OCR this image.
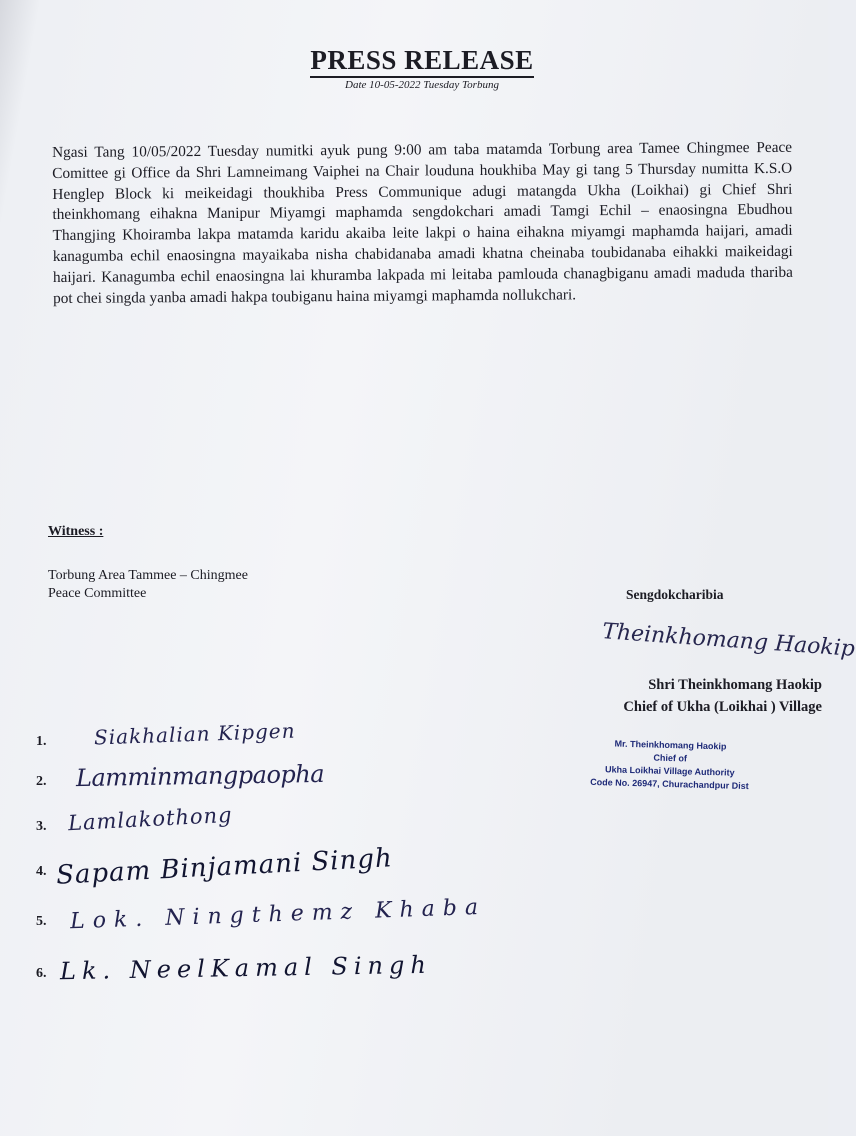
PRESS RELEASE
Date 10-05-2022 Tuesday Torbung
Ngasi Tang 10/05/2022 Tuesday numitki ayuk pung 9:00 am taba matamda Torbung area Tamee Chingmee Peace Comittee gi Office da Shri Lamneimang Vaiphei na Chair louduna houkhiba May gi tang 5 Thursday numitta K.S.O Henglep Block ki meikeidagi thoukhiba Press Communique adugi matangda Ukha (Loikhai) gi Chief Shri theinkhomang eihakna Manipur Miyamgi maphamda sengdokchari amadi Tamgi Echil – enaosingna Ebudhou Thangjing Khoiramba lakpa matamda karidu akaiba leite lakpi o haina eihakna miyamgi maphamda haijari, amadi kanagumba echil enaosingna mayaikaba nisha chabidanaba amadi khatna cheinaba toubidanaba eihakki maikeidagi haijari. Kanagumba echil enaosingna lai khuramba lakpada mi leitaba pamlouda chanagbiganu amadi maduda thariba pot chei singda yanba amadi hakpa toubiganu haina miyamgi maphamda nollukchari.
Witness :
Torbung Area Tammee – Chingmee
Peace Committee
1. Siakhalian Kipgen
2. Lamminmangpaopha
3. Lamlakothong
4. Sapam Binjamani Singh
5. Lok. Ningthemz Khaba
6. Lk. NeelKamal Singh
Sengdokcharibia
Theinkhomang Haokip
Shri Theinkhomang Haokip
Chief of Ukha (Loikhai ) Village
Mr. Theinkhomang Haokip
Chief of
Ukha Loikhai Village Authority
Code No. 26947, Churachandpur Dist
